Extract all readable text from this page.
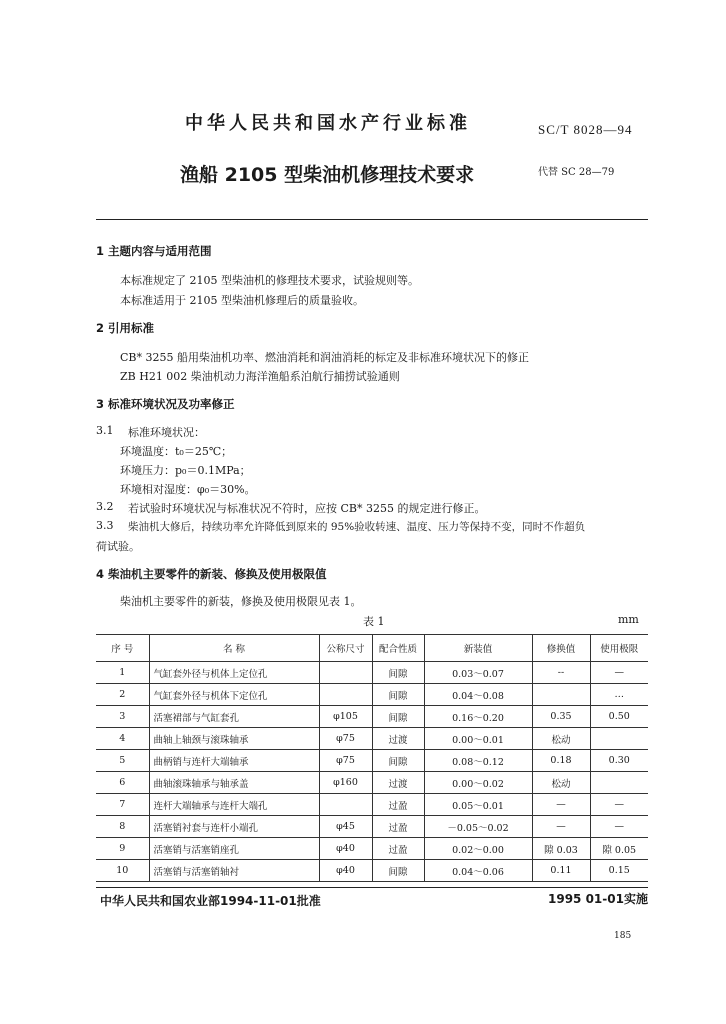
中华人民共和国水产行业标准	SC/T 8028—94
渔船 2105 型柴油机修理技术要求	代替 SC 28—79
1 主题内容与适用范围
本标准规定了 2105 型柴油机的修理技术要求，试验规则等。
本标准适用于 2105 型柴油机修理后的质量验收。
2 引用标准
CB* 3255 船用柴油机功率、燃油消耗和润油消耗的标定及非标准环境状况下的修正
ZB H21 002 柴油机动力海洋渔船系泊航行捕捞试验通则
3 标准环境状况及功率修正
3.1 标准环境状况：
环境温度：t₀＝25℃；
环境压力：p₀＝0.1MPa；
环境相对湿度：φ₀＝30%。
3.2 若试验时环境状况与标准状况不符时，应按 CB* 3255 的规定进行修正。
3.3 柴油机大修后，持续功率允许降低到原来的 95%验收转速、温度、压力等保持不变，同时不作超负
荷试验。
4 柴油机主要零件的新装、修换及使用极限值
柴油机主要零件的新装，修换及使用极限见表 1。
表 1	mm
序 号	名 称	公称尺寸	配合性质	新装值	修换值	使用极限
1	气缸套外径与机体上定位孔		间隙	0.03～0.07	--	—
2	气缸套外径与机体下定位孔		间隙	0.04～0.08		…
3	活塞裙部与气缸套孔	φ105	间隙	0.16～0.20	0.35	0.50
4	曲轴上轴颈与滚珠轴承	φ75	过渡	0.00～0.01	松动	
5	曲柄销与连杆大端轴承	φ75	间隙	0.08～0.12	0.18	0.30
6	曲轴滚珠轴承与轴承盖	φ160	过渡	0.00～0.02	松动	
7	连杆大端轴承与连杆大端孔		过盈	0.05～0.01	—	—
8	活塞销衬套与连杆小端孔	φ45	过盈	－0.05～0.02	—	—
9	活塞销与活塞销座孔	φ40	过盈	0.02～0.00	隙 0.03	隙 0.05
10	活塞销与活塞销轴衬	φ40	间隙	0.04～0.06	0.11	0.15
中华人民共和国农业部1994-11-01批准	1995 01-01实施
185
